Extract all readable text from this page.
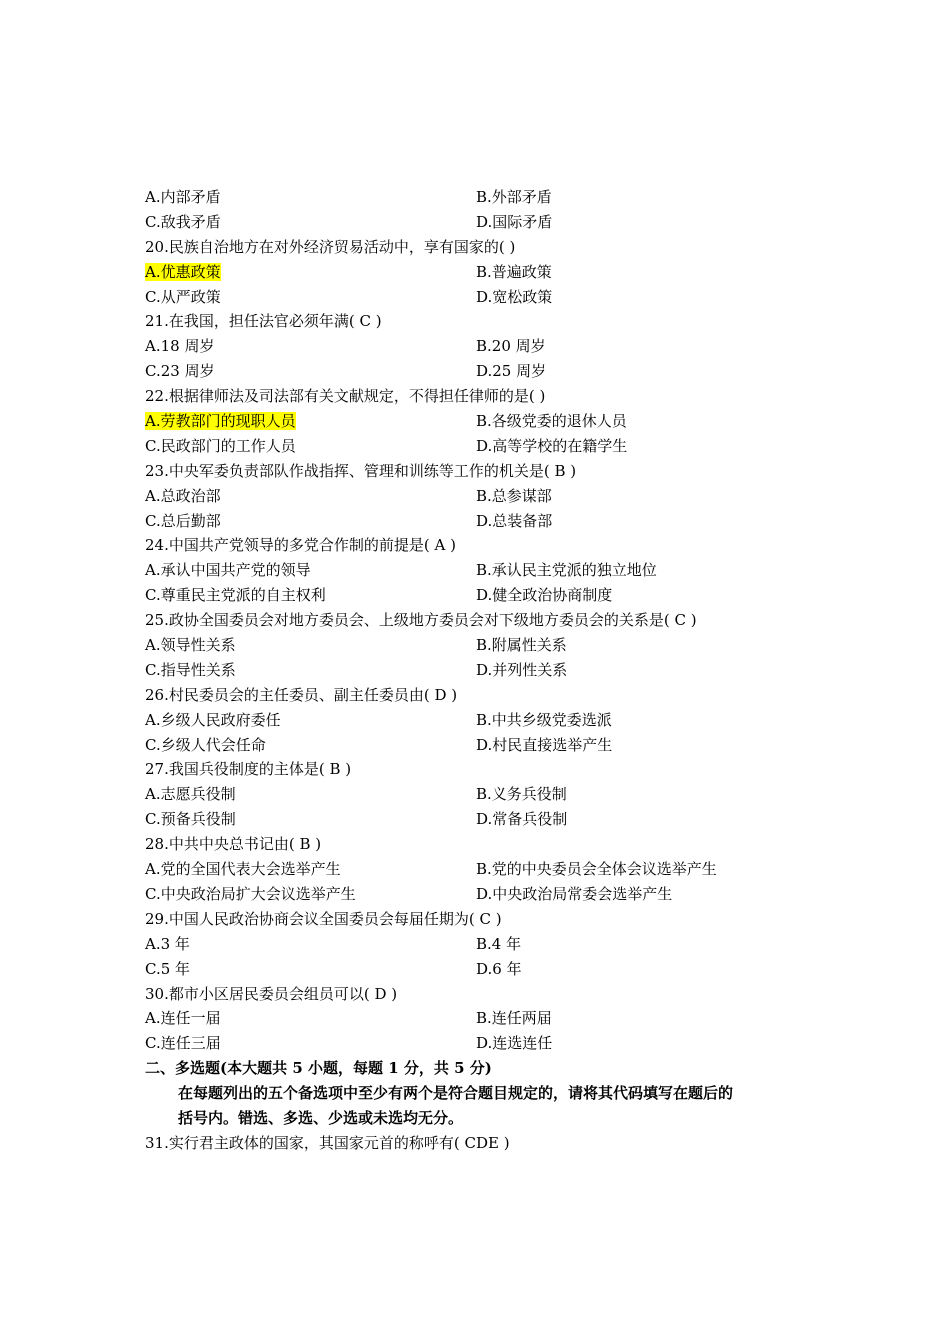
A.内部矛盾	B.外部矛盾
C.敌我矛盾	D.国际矛盾
20.民族自治地方在对外经济贸易活动中，享有国家的( )
A.优惠政策	B.普遍政策
C.从严政策	D.宽松政策
21.在我国，担任法官必须年满( C )
A.18 周岁	B.20 周岁
C.23 周岁	D.25 周岁
22.根据律师法及司法部有关文献规定，不得担任律师的是( )
A.劳教部门的现职人员	B.各级党委的退休人员
C.民政部门的工作人员	D.高等学校的在籍学生
23.中央军委负责部队作战指挥、管理和训练等工作的机关是( B )
A.总政治部	B.总参谋部
C.总后勤部	D.总装备部
24.中国共产党领导的多党合作制的前提是( A )
A.承认中国共产党的领导	B.承认民主党派的独立地位
C.尊重民主党派的自主权利	D.健全政治协商制度
25.政协全国委员会对地方委员会、上级地方委员会对下级地方委员会的关系是( C )
A.领导性关系	B.附属性关系
C.指导性关系	D.并列性关系
26.村民委员会的主任委员、副主任委员由( D )
A.乡级人民政府委任	B.中共乡级党委选派
C.乡级人代会任命	D.村民直接选举产生
27.我国兵役制度的主体是( B )
A.志愿兵役制	B.义务兵役制
C.预备兵役制	D.常备兵役制
28.中共中央总书记由( B )
A.党的全国代表大会选举产生	B.党的中央委员会全体会议选举产生
C.中央政治局扩大会议选举产生	D.中央政治局常委会选举产生
29.中国人民政治协商会议全国委员会每届任期为( C )
A.3 年	B.4 年
C.5 年	D.6 年
30.都市小区居民委员会组员可以( D )
A.连任一届	B.连任两届
C.连任三届	D.连选连任
二、多选题(本大题共 5 小题，每题 1 分，共 5 分)
在每题列出的五个备选项中至少有两个是符合题目规定的，请将其代码填写在题后的
括号内。错选、多选、少选或未选均无分。
31.实行君主政体的国家，其国家元首的称呼有( CDE )
